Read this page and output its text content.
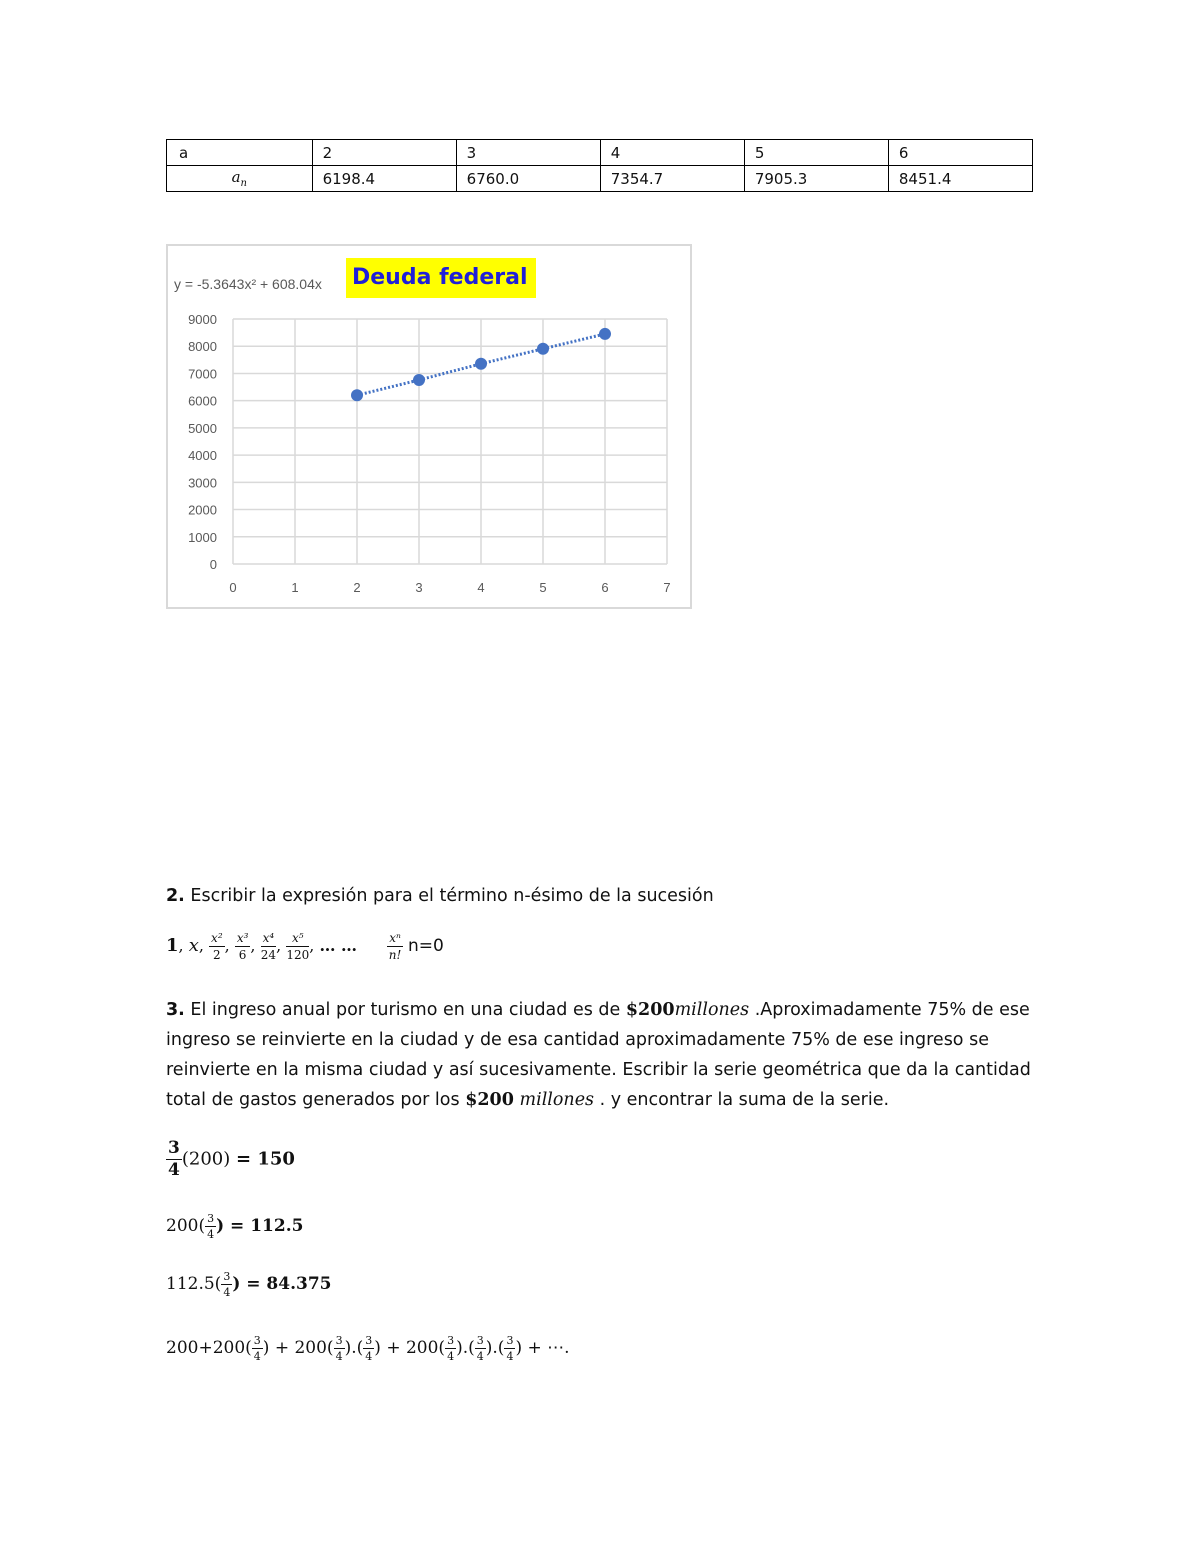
a	2	3	4	5	6
$a_n$	6198.4	6760.0	7354.7	7905.3	8451.4
0
1000
2000
3000
4000
5000
6000
7000
8000
9000
0	1	2	3	4	5	6	7
y = -5.3643x² + 608.04x Deuda federal
2. Escribir la expresión para el término n-ésimo de la sucesión
1, x, $\frac{\text{x²}}{2}$ , $\frac{\text{x³}}{6}$ , $\frac{\text{x⁴}}{24}$ , $\frac{\text{x⁵}}{120}$ , … …	$\frac{\text{xⁿ}}{n!} n=0$
3. El ingreso anual por turismo en una ciudad es de $200millones .Aproximadamente 75% de ese ingreso se reinvierte en la ciudad y de esa cantidad aproximadamente 75% de ese ingreso se reinvierte en la misma ciudad y así sucesivamente. Escribir la serie geométrica que da la cantidad total de gastos generados por los $200 millones . y encontrar la suma de la serie.
$\frac{3}{4} (200) = 150$
$200( \frac{3}{4}$ ) = 112.5
$112.5( \frac{3}{4}$ ) = 84.375
$200+200( \frac{3}{4}$ ) + $200( \frac{3}{4}$ ).( $\frac{3}{4}$ ) + $200( \frac{3}{4}$ ).( $\frac{3}{4}$ ).( $\frac{3}{4}$ ) + ⋯.
